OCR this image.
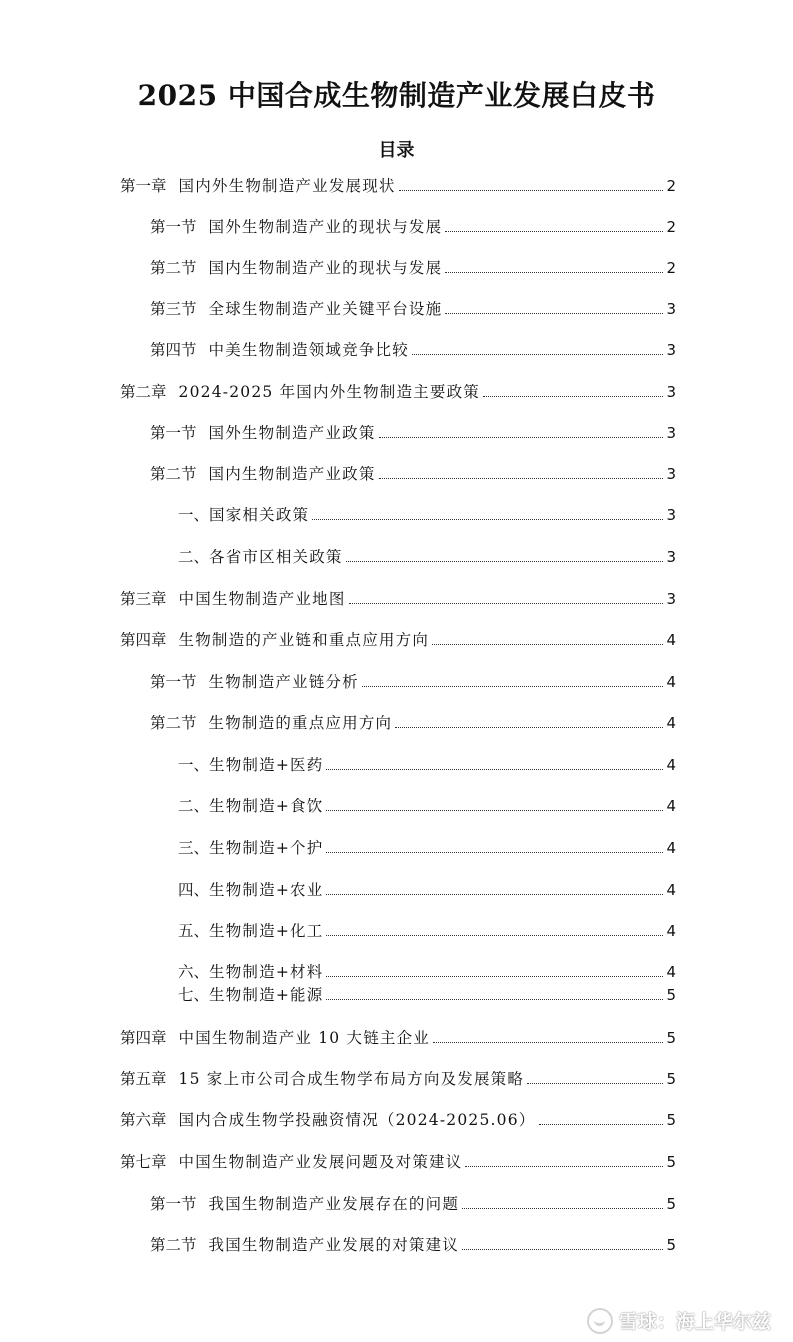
2025 中国合成生物制造产业发展白皮书
目录
第一章 国内外生物制造产业发展现状	2
第一节 国外生物制造产业的现状与发展	2
第二节 国内生物制造产业的现状与发展	2
第三节 全球生物制造产业关键平台设施	3
第四节 中美生物制造领域竞争比较	3
第二章 2024-2025 年国内外生物制造主要政策	3
第一节 国外生物制造产业政策	3
第二节 国内生物制造产业政策	3
一、 国家相关政策	3
二、 各省市区相关政策	3
第三章 中国生物制造产业地图	3
第四章 生物制造的产业链和重点应用方向	4
第一节 生物制造产业链分析	4
第二节 生物制造的重点应用方向	4
一、 生物制造+医药	4
二、 生物制造+食饮	4
三、 生物制造+个护	4
四、 生物制造+农业	4
五、 生物制造+化工	4
六、 生物制造+材料	4
七、 生物制造+能源	5
第四章 中国生物制造产业 10 大链主企业	5
第五章 15 家上市公司合成生物学布局方向及发展策略	5
第六章 国内合成生物学投融资情况（2024-2025.06）	5
第七章 中国生物制造产业发展问题及对策建议	5
第一节 我国生物制造产业发展存在的问题	5
第二节 我国生物制造产业发展的对策建议	5
雪球：海上华尔兹
